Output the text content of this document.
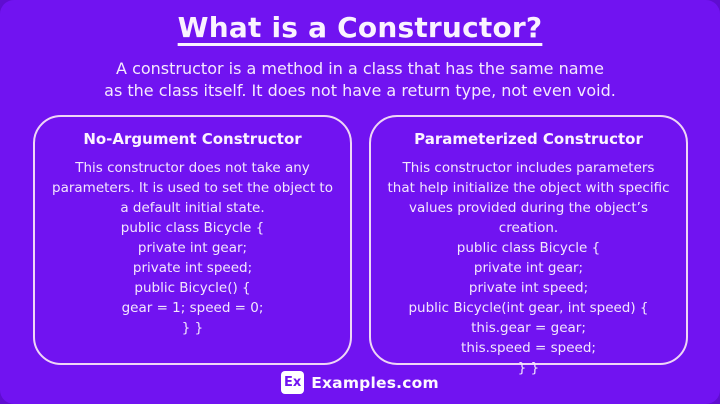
What is a Constructor?
A constructor is a method in a class that has the same name
as the class itself. It does not have a return type, not even void.
No-Argument Constructor
This constructor does not take any parameters. It is used to set the object to a default initial state.
public class Bicycle {
private int gear;
private int speed;
public Bicycle() {
gear = 1; speed = 0;
} }
Parameterized Constructor
This constructor includes parameters that help initialize the object with specific values provided during the object’s creation.
public class Bicycle {
private int gear;
private int speed;
public Bicycle(int gear, int speed) {
this.gear = gear;
this.speed = speed;
} }
Ex Examples.com
